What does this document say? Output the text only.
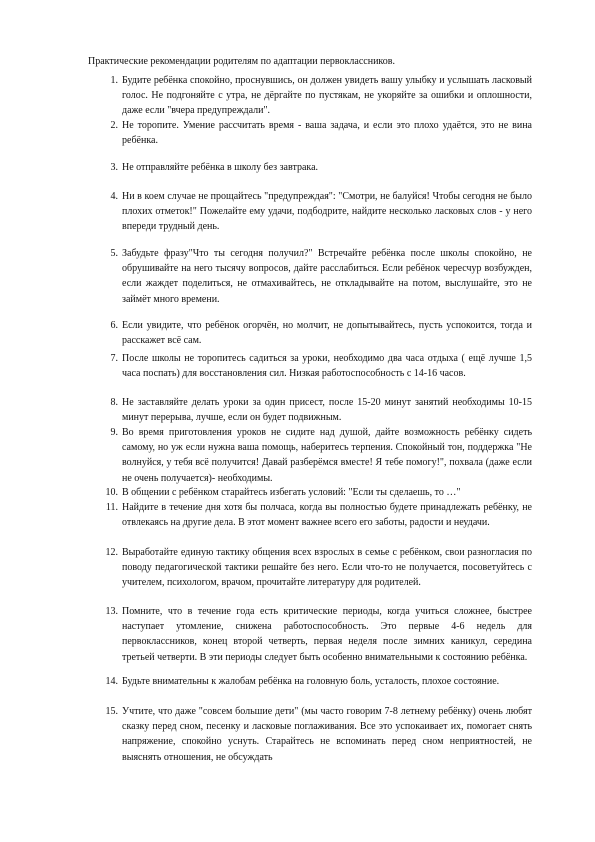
Практические рекомендации родителям по адаптации первоклассников.
1. Будите ребёнка спокойно, проснувшись, он должен увидеть вашу улыбку и услышать ласковый голос. Не подгоняйте с утра, не дёргайте по пустякам, не укоряйте за ошибки и оплошности, даже если "вчера предупреждали".
2. Не торопите. Умение рассчитать время - ваша задача, и если это плохо удаётся, это не вина ребёнка.
3. Не отправляйте ребёнка в школу без завтрака.
4. Ни в коем случае не прощайтесь "предупреждая": "Смотри, не балуйся! Чтобы сегодня не было плохих отметок!" Пожелайте ему удачи, подбодрите, найдите несколько ласковых слов - у него впереди трудный день.
5. Забудьте фразу"Что ты сегодня получил?" Встречайте ребёнка после школы спокойно, не обрушивайте на него тысячу вопросов, дайте расслабиться. Если ребёнок чересчур возбужден, если жаждет поделиться, не отмахивайтесь, не откладывайте на потом, выслушайте, это не займёт много времени.
6. Если увидите, что ребёнок огорчён, но молчит, не допытывайтесь, пусть успокоится, тогда и расскажет всё сам.
7. После школы не торопитесь садиться за уроки, необходимо два часа отдыха ( ещё лучше 1,5 часа поспать) для восстановления сил. Низкая работоспособность с 14-16 часов.
8. Не заставляйте делать уроки за один присест, после 15-20 минут занятий необходимы 10-15 минут перерыва, лучше, если он будет подвижным.
9. Во время приготовления уроков не сидите над душой, дайте возможность ребёнку сидеть самому, но уж если нужна ваша помощь, наберитесь терпения. Спокойный тон, поддержка "Не волнуйся, у тебя всё получится! Давай разберёмся вместе! Я тебе помогу!", похвала (даже если не очень получается)- необходимы.
10. В общении с ребёнком старайтесь избегать условий: "Если ты сделаешь, то …"
11. Найдите в течение дня хотя бы полчаса, когда вы полностью будете принадлежать ребёнку, не отвлекаясь на другие дела. В этот момент важнее всего его заботы, радости и неудачи.
12. Выработайте единую тактику общения всех взрослых в семье с ребёнком, свои разногласия по поводу педагогической тактики решайте без него. Если что-то не получается, посоветуйтесь с учителем, психологом, врачом, прочитайте литературу для родителей.
13. Помните, что в течение года есть критические периоды, когда учиться сложнее, быстрее наступает утомление, снижена работоспособность. Это первые 4-6 недель для первоклассников, конец второй четверть, первая неделя после зимних каникул, середина третьей четверти. В эти периоды следует быть особенно внимательными к состоянию ребёнка.
14. Будьте внимательны к жалобам ребёнка на головную боль, усталость, плохое состояние.
15. Учтите, что даже "совсем большие дети" (мы часто говорим 7-8 летнему ребёнку) очень любят сказку перед сном, песенку и ласковые поглаживания. Все это успокаивает их, помогает снять напряжение, спокойно уснуть. Старайтесь не вспоминать перед сном неприятностей, не выяснять отношения, не обсуждать
